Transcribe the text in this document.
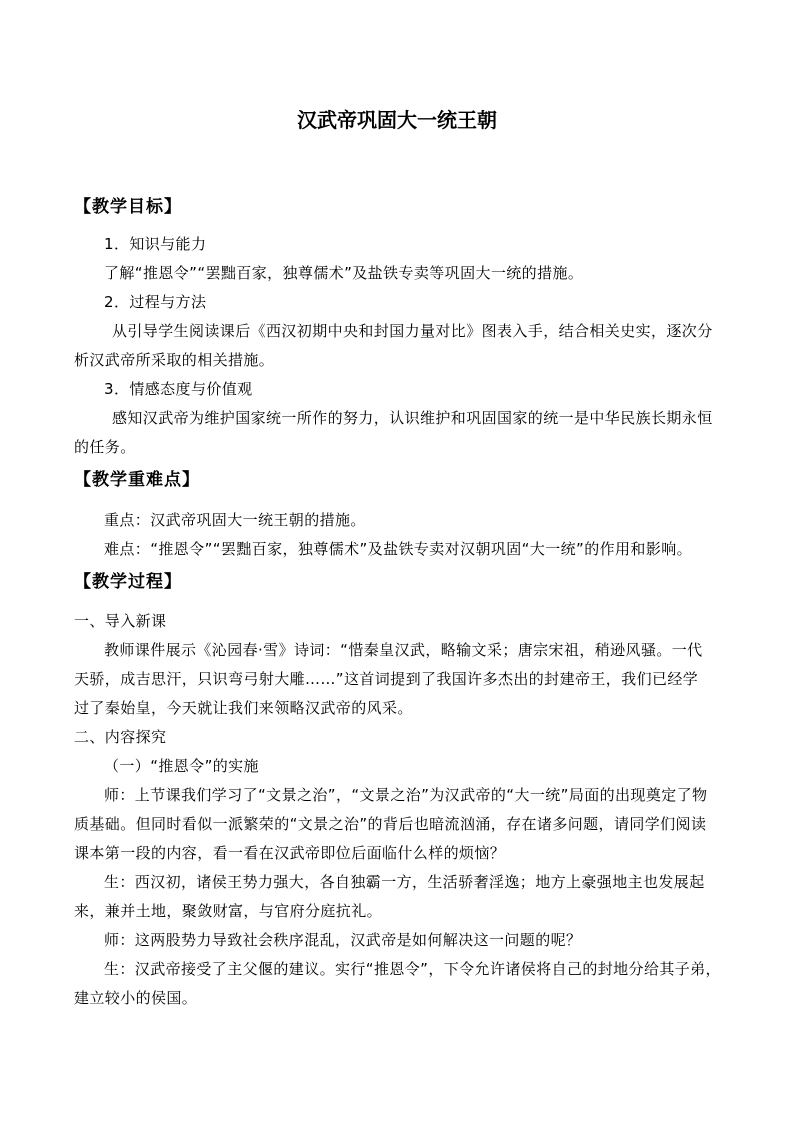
汉武帝巩固大一统王朝
【教学目标】
1．知识与能力
了解“推恩令”“罢黜百家，独尊儒术”及盐铁专卖等巩固大一统的措施。
2．过程与方法
从引导学生阅读课后《西汉初期中央和封国力量对比》图表入手，结合相关史实，逐次分
析汉武帝所采取的相关措施。
3．情感态度与价值观
感知汉武帝为维护国家统一所作的努力，认识维护和巩固国家的统一是中华民族长期永恒
的任务。
【教学重难点】
重点：汉武帝巩固大一统王朝的措施。
难点：“推恩令”“罢黜百家，独尊儒术”及盐铁专卖对汉朝巩固“大一统”的作用和影响。
【教学过程】
一、导入新课
教师课件展示《沁园春·雪》诗词：“惜秦皇汉武，略输文采；唐宗宋祖，稍逊风骚。一代
天骄，成吉思汗，只识弯弓射大雕……”这首词提到了我国许多杰出的封建帝王，我们已经学
过了秦始皇，今天就让我们来领略汉武帝的风采。
二、内容探究
（一）“推恩令”的实施
师：上节课我们学习了“文景之治”，“文景之治”为汉武帝的“大一统”局面的出现奠定了物
质基础。但同时看似一派繁荣的“文景之治”的背后也暗流汹涌，存在诸多问题，请同学们阅读
课本第一段的内容，看一看在汉武帝即位后面临什么样的烦恼？
生：西汉初，诸侯王势力强大，各自独霸一方，生活骄奢淫逸；地方上豪强地主也发展起
来，兼并土地，聚敛财富，与官府分庭抗礼。
师：这两股势力导致社会秩序混乱，汉武帝是如何解决这一问题的呢？
生：汉武帝接受了主父偃的建议。实行“推恩令”，下令允许诸侯将自己的封地分给其子弟，
建立较小的侯国。
